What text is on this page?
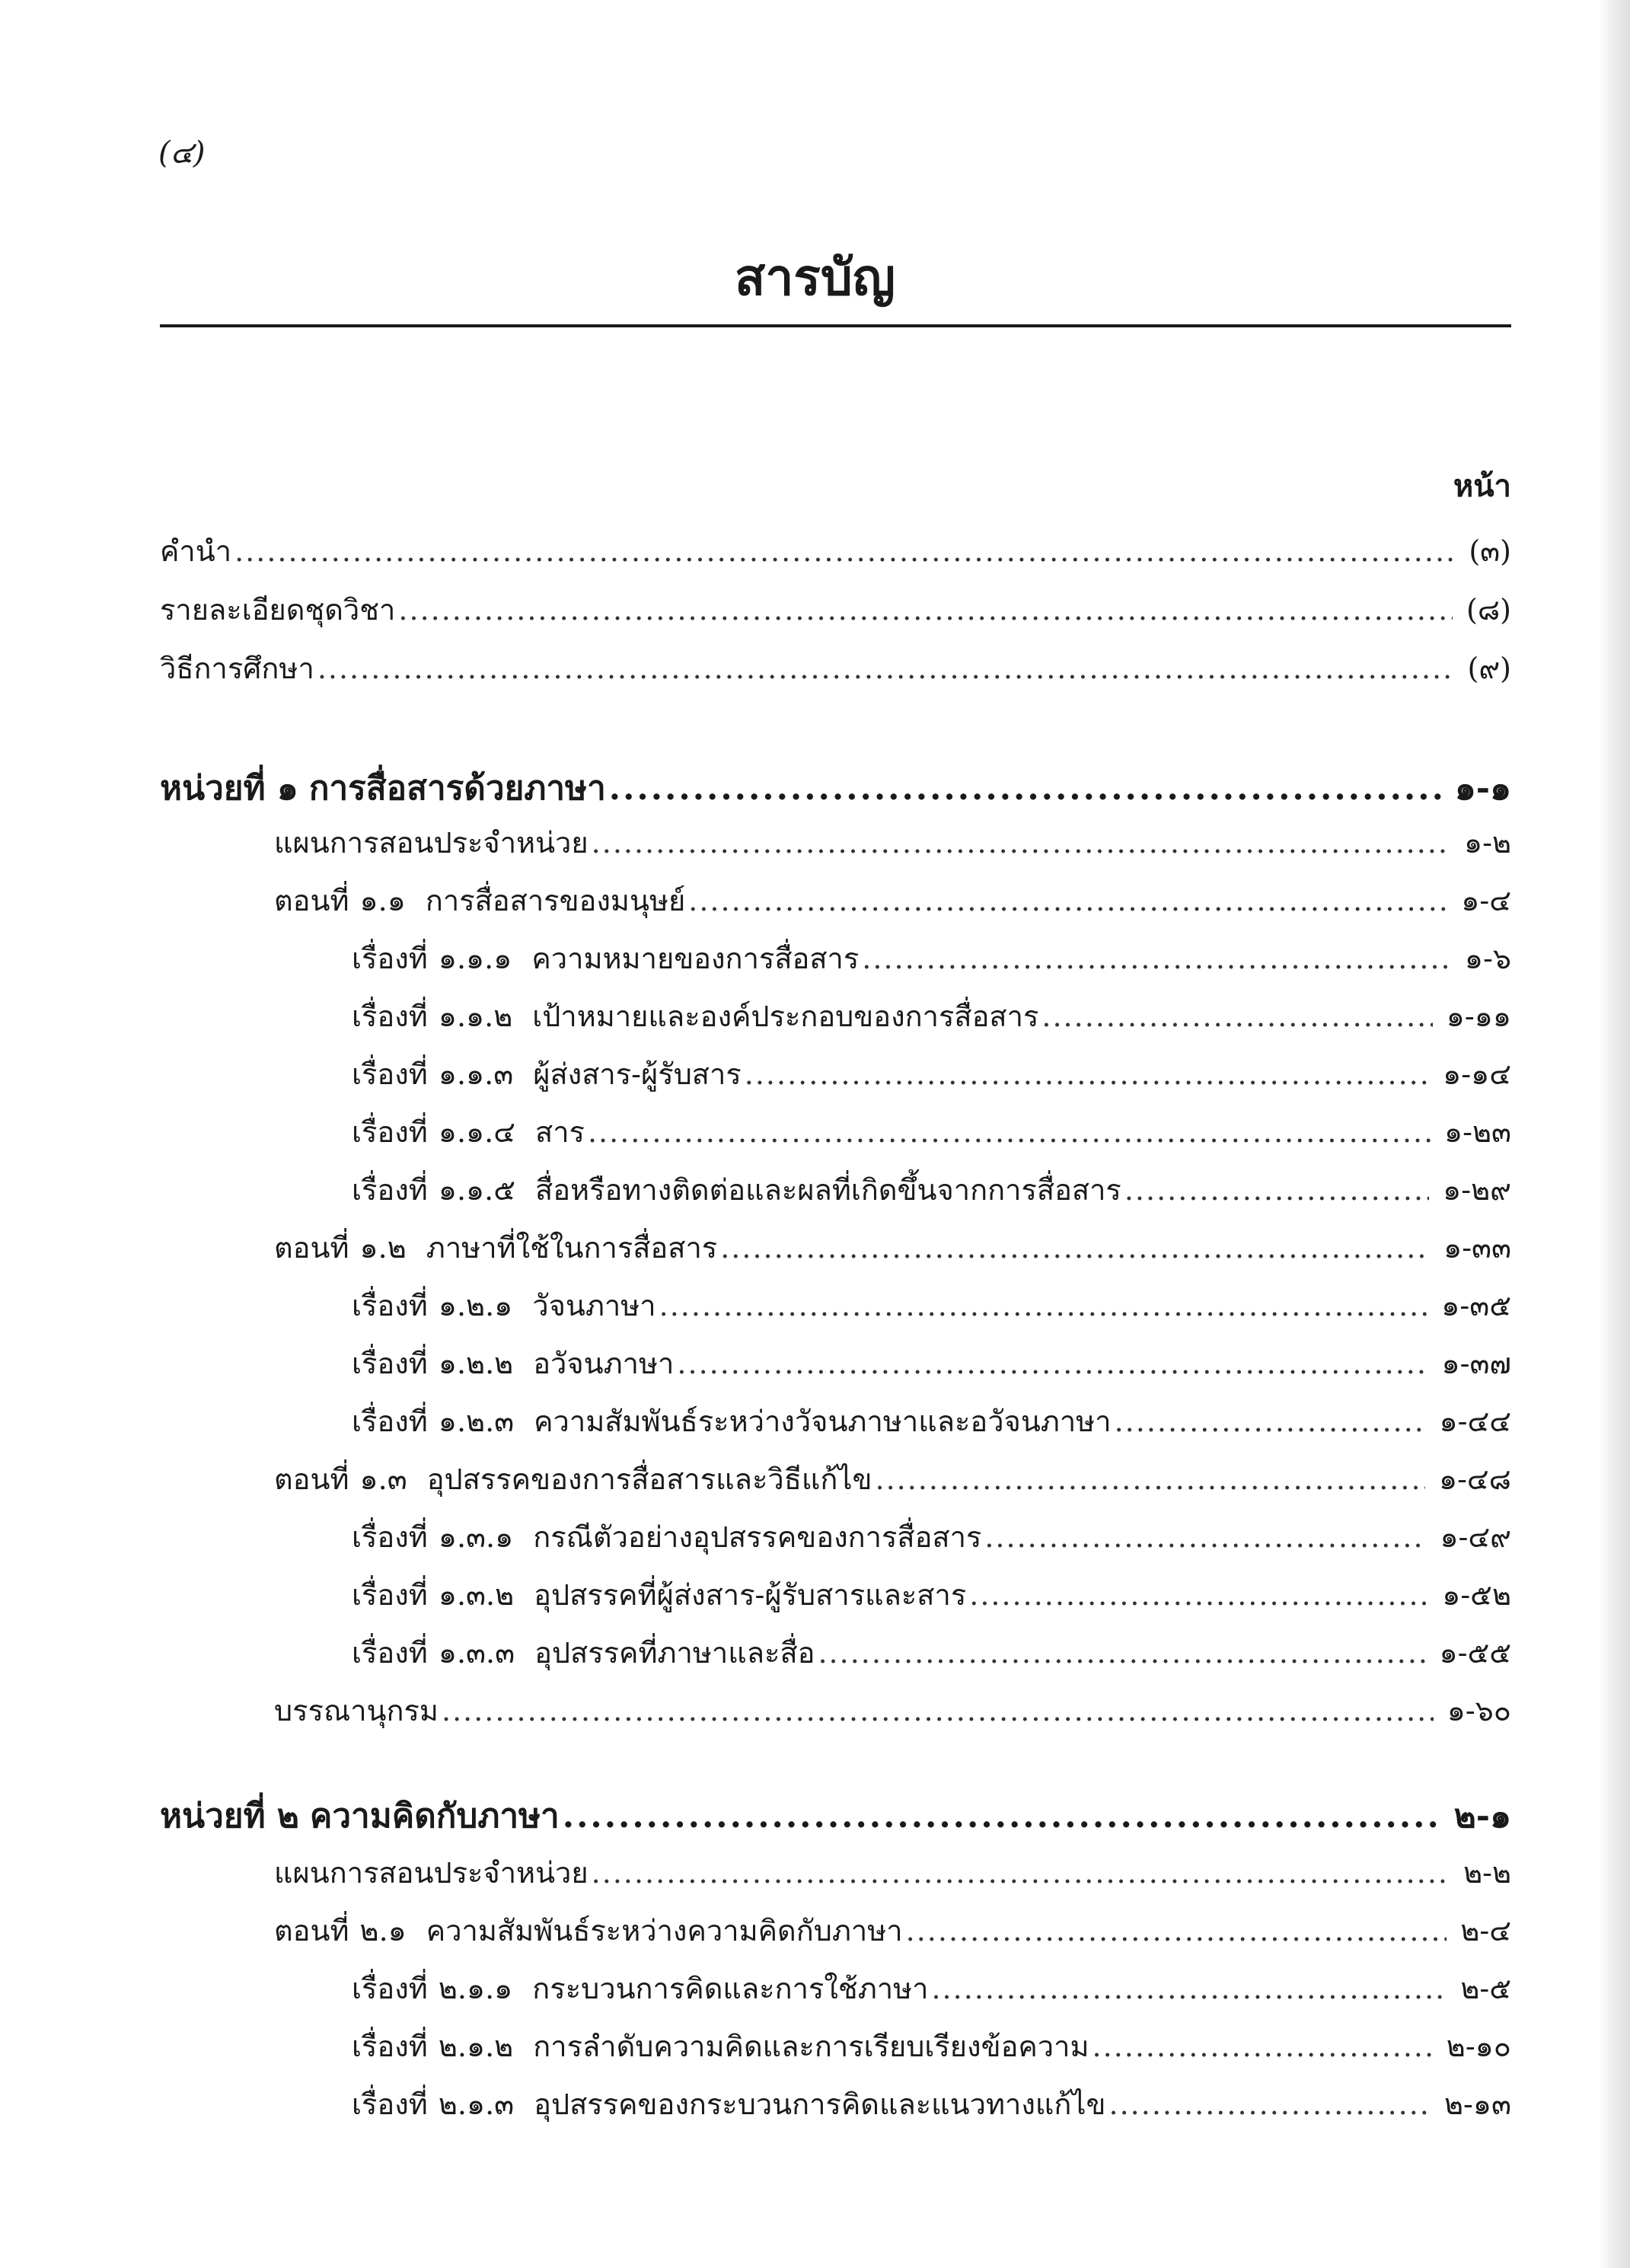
(๔)
สารบัญ
หน้า
คำนำ .....	(๓)
รายละเอียดชุดวิชา .....	(๘)
วิธีการศึกษา .....	(๙)
หน่วยที่ ๑ การสื่อสารด้วยภาษา .....	๑-๑
แผนการสอนประจำหน่วย .....	๑-๒
ตอนที่ ๑.๑ การสื่อสารของมนุษย์ .....	๑-๔
เรื่องที่ ๑.๑.๑ ความหมายของการสื่อสาร .....	๑-๖
เรื่องที่ ๑.๑.๒ เป้าหมายและองค์ประกอบของการสื่อสาร .....	๑-๑๑
เรื่องที่ ๑.๑.๓ ผู้ส่งสาร-ผู้รับสาร .....	๑-๑๔
เรื่องที่ ๑.๑.๔ สาร .....	๑-๒๓
เรื่องที่ ๑.๑.๕ สื่อหรือทางติดต่อและผลที่เกิดขึ้นจากการสื่อสาร .....	๑-๒๙
ตอนที่ ๑.๒ ภาษาที่ใช้ในการสื่อสาร .....	๑-๓๓
เรื่องที่ ๑.๒.๑ วัจนภาษา .....	๑-๓๕
เรื่องที่ ๑.๒.๒ อวัจนภาษา .....	๑-๓๗
เรื่องที่ ๑.๒.๓ ความสัมพันธ์ระหว่างวัจนภาษาและอวัจนภาษา .....	๑-๔๔
ตอนที่ ๑.๓ อุปสรรคของการสื่อสารและวิธีแก้ไข .....	๑-๔๘
เรื่องที่ ๑.๓.๑ กรณีตัวอย่างอุปสรรคของการสื่อสาร .....	๑-๔๙
เรื่องที่ ๑.๓.๒ อุปสรรคที่ผู้ส่งสาร-ผู้รับสารและสาร .....	๑-๕๒
เรื่องที่ ๑.๓.๓ อุปสรรคที่ภาษาและสื่อ .....	๑-๕๕
บรรณานุกรม .....	๑-๖๐
หน่วยที่ ๒ ความคิดกับภาษา .....	๒-๑
แผนการสอนประจำหน่วย .....	๒-๒
ตอนที่ ๒.๑ ความสัมพันธ์ระหว่างความคิดกับภาษา .....	๒-๔
เรื่องที่ ๒.๑.๑ กระบวนการคิดและการใช้ภาษา .....	๒-๕
เรื่องที่ ๒.๑.๒ การลำดับความคิดและการเรียบเรียงข้อความ .....	๒-๑๐
เรื่องที่ ๒.๑.๓ อุปสรรคของกระบวนการคิดและแนวทางแก้ไข .....	๒-๑๓
